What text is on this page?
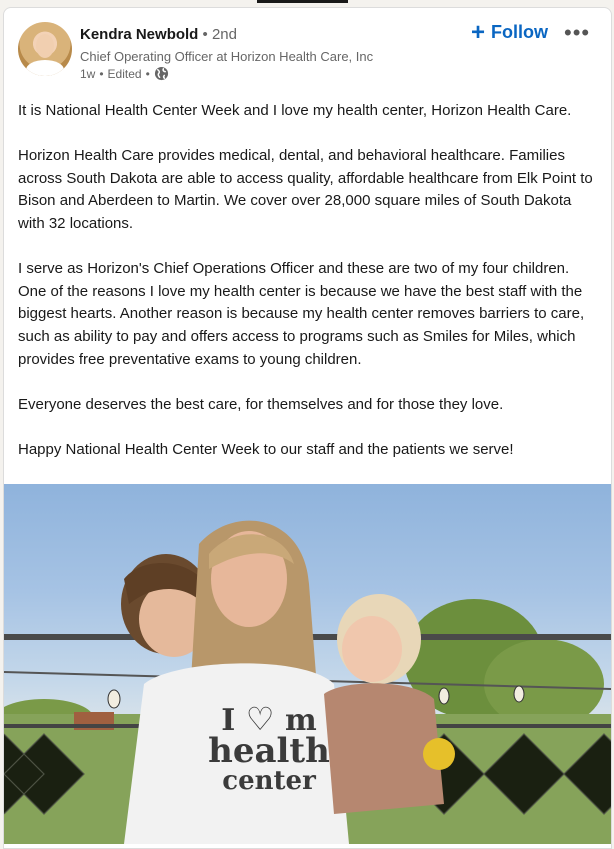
Kendra Newbold • 2nd
Chief Operating Officer at Horizon Health Care, Inc
1w • Edited •
+ Follow •••

It is National Health Center Week and I love my health center, Horizon Health Care.

Horizon Health Care provides medical, dental, and behavioral healthcare. Families across South Dakota are able to access quality, affordable healthcare from Elk Point to Bison and Aberdeen to Martin. We cover over 28,000 square miles of South Dakota with 32 locations.

I serve as Horizon's Chief Operations Officer and these are two of my four children. One of the reasons I love my health center is because we have the best staff with the biggest hearts. Another reason is because my health center removes barriers to care, such as ability to pay and offers access to programs such as Smiles for Miles, which provides free preventative exams to young children.

Everyone deserves the best care, for themselves and for those they love.

Happy National Health Center Week to our staff and the patients we serve!

I ♡ m
health
center
